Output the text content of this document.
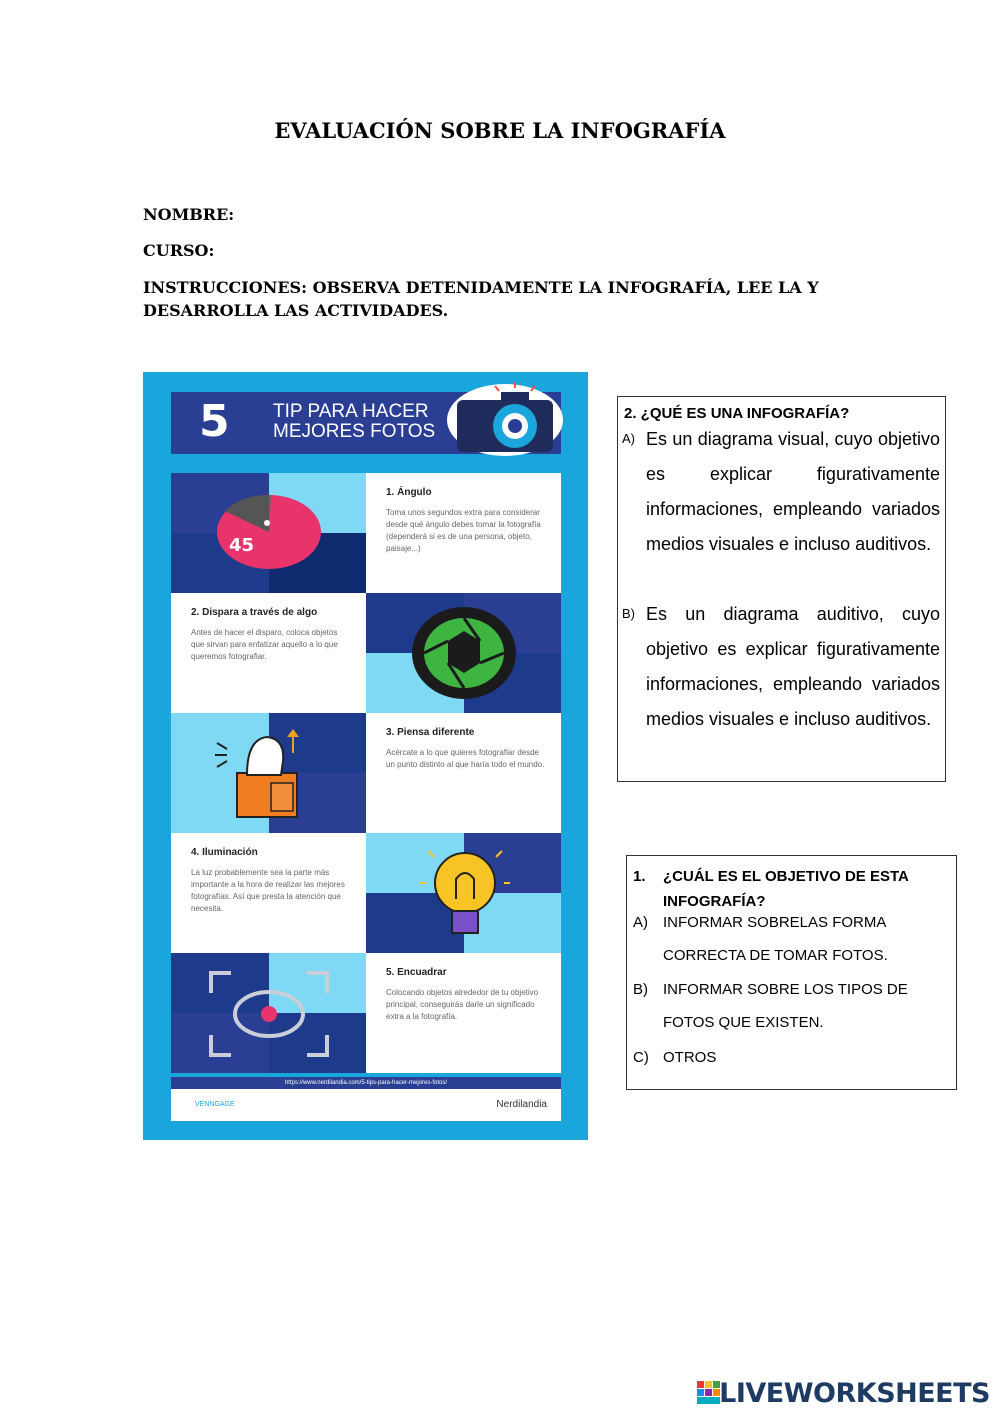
EVALUACIÓN SOBRE LA INFOGRAFÍA
NOMBRE:
CURSO:
INSTRUCCIONES: OBSERVA DETENIDAMENTE LA INFOGRAFÍA, LEE LA Y DESARROLLA LAS ACTIVIDADES.
5 TIP PARA HACER
MEJORES FOTOS
45
1. Ángulo
Toma unos segundos extra para considerar desde qué ángulo debes tomar la fotografía (dependerá si es de una persona, objeto, paisaje...)
2. Dispara a través de algo
Antes de hacer el disparo, coloca objetos que sirvan para enfatizar aquello a lo que queremos fotografiar.
3. Piensa diferente
Acércate a lo que quieres fotografiar desde un punto distinto al que haría todo el mundo.
4. Iluminación
La luz probablemente sea la parte más importante a la hora de realizar las mejores fotografías. Así que presta la atención que necesita.
5. Encuadrar
Colocando objetos alrededor de tu objetivo principal, conseguirás darle un significado extra a la fotografía.
https://www.nerdilandia.com/5-tips-para-hacer-mejores-fotos/
VENNGAGE	Nerdilandia
2. ¿QUÉ ES UNA INFOGRAFÍA?
A) Es un diagrama visual, cuyo objetivo es explicar figurativamente informaciones, empleando variados medios visuales e incluso auditivos.
B) Es un diagrama auditivo, cuyo objetivo es explicar figurativamente informaciones, empleando variados medios visuales e incluso auditivos.
1. ¿CUÁL ES EL OBJETIVO DE ESTA INFOGRAFÍA?
A) INFORMAR SOBRELAS FORMA CORRECTA DE TOMAR FOTOS.
B) INFORMAR SOBRE LOS TIPOS DE FOTOS QUE EXISTEN.
C) OTROS
LIVEWORKSHEETS
